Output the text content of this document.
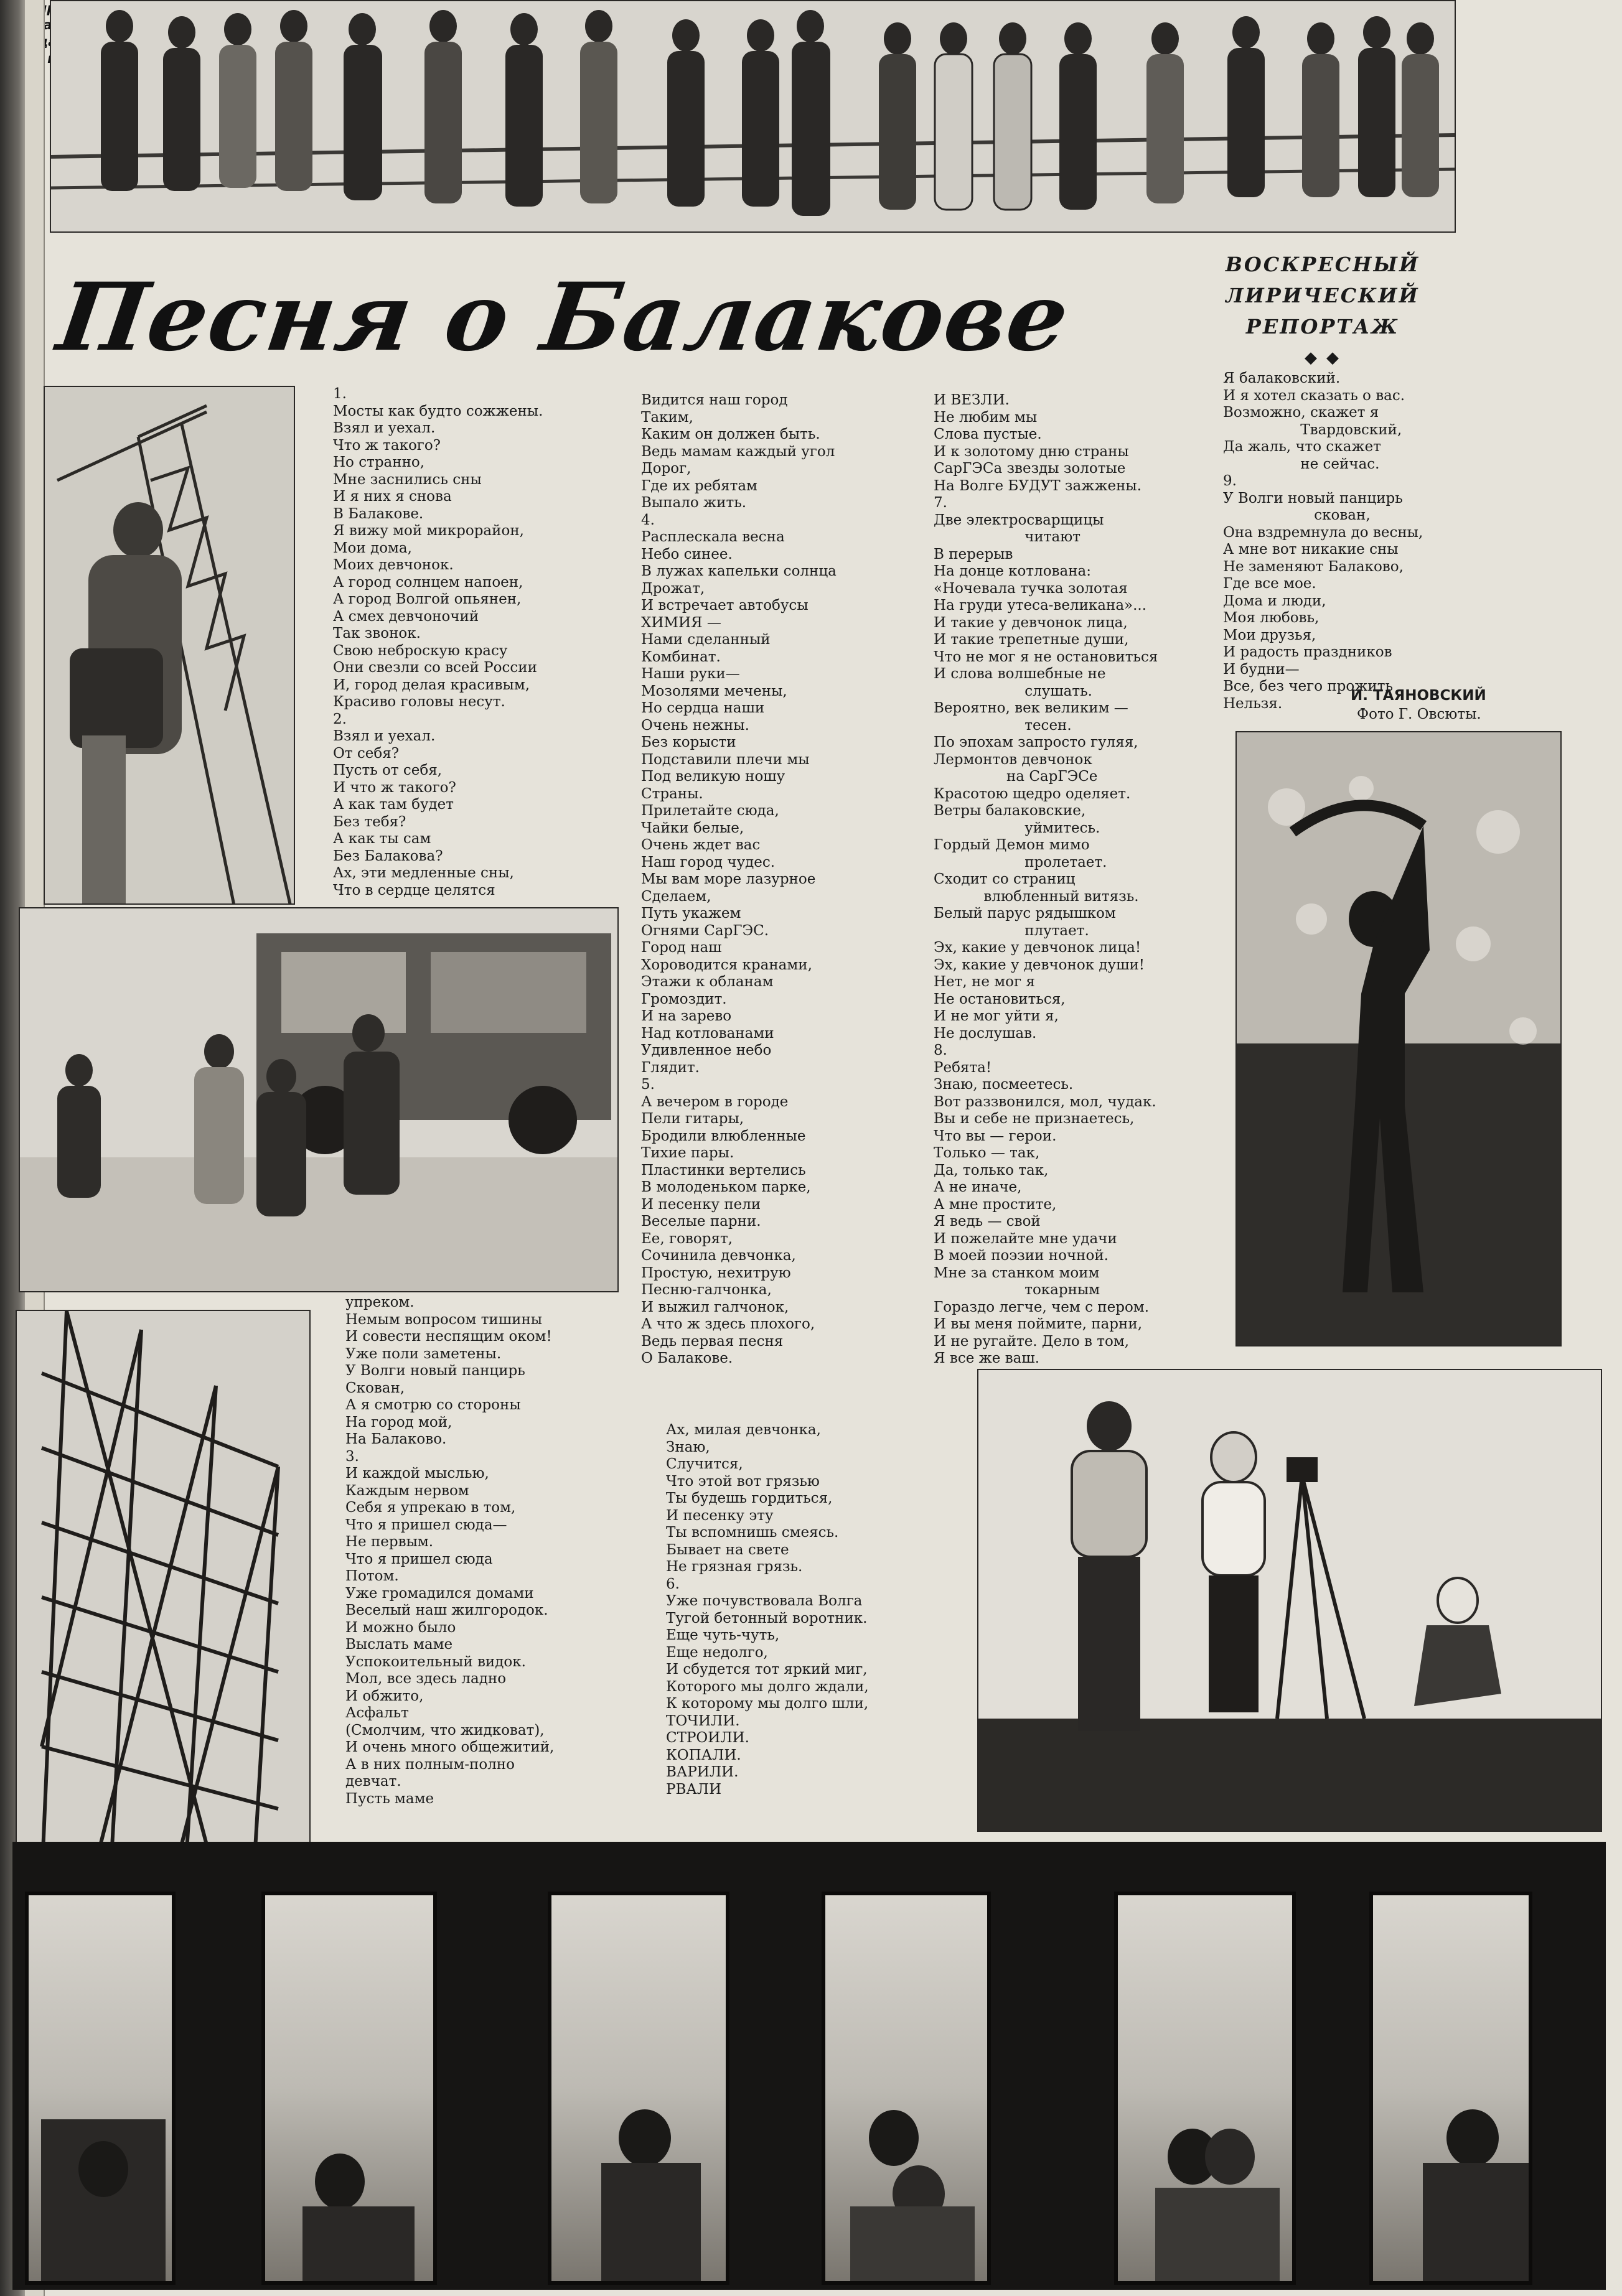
Песня о Балакове	ВОСКРЕСНЫЙ
ЛИРИЧЕСКИЙ
РЕПОРТАЖ
◆ ◆
1.
Мосты как будто сожжены.
Взял и уехал.
Что ж такого?
Но странно,
Мне заснились сны
И я них я снова
В Балакове.
Я вижу мой микрорайон,
Мои дома,
Моих девчонок.
А город солнцем напоен,
А город Волгой опьянен,
А смех девчоночий
Так звонок.
Свою неброскую красу
Они свезли со всей России
И, город делая красивым,
Красиво головы несут.
2.
Взял и уехал.
От себя?
Пусть от себя,
И что ж такого?
А как там будет
Без тебя?
А как ты сам
Без Балакова?
Ах, эти медленные сны,
Что в сердце целятся
упреком.
Немым вопросом тишины
И совести неспящим оком!
Уже поли заметены.
У Волги новый панцирь
Скован,
А я смотрю со стороны
На город мой,
На Балаково.
3.
И каждой мыслью,
Каждым нервом
Себя я упрекаю в том,
Что я пришел сюда—
Не первым.
Что я пришел сюда
Потом.
Уже громадился домами
Веселый наш жилгородок.
И можно было
Выслать маме
Успокоительный видок.
Мол, все здесь ладно
И обжито,
Асфальт
(Смолчим, что жидковат),
И очень много общежитий,
А в них полным-полно
девчат.
Пусть маме
Видится наш город
Таким,
Каким он должен быть.
Ведь мамам каждый угол
Дорог,
Где их ребятам
Выпало жить.
4.
Расплескала весна
Небо синее.
В лужах капельки солнца
Дрожат,
И встречает автобусы
ХИМИЯ —
Нами сделанный
Комбинат.
Наши руки—
Мозолями мечены,
Но сердца наши
Очень нежны.
Без корысти
Подставили плечи мы
Под великую ношу
Страны.
Прилетайте сюда,
Чайки белые,
Очень ждет вас
Наш город чудес.
Мы вам море лазурное
Сделаем,
Путь укажем
Огнями СарГЭС.
Город наш
Хороводится кранами,
Этажи к обланам
Громоздит.
И на зарево
Над котлованами
Удивленное небо
Глядит.
5.
А вечером в городе
Пели гитары,
Бродили влюбленные
Тихие пары.
Пластинки вертелись
В молоденьком парке,
И песенку пели
Веселые парни.
Ее, говорят,
Сочинила девчонка,
Простую, нехитрую
Песню-галчонка,
И выжил галчонок,
А что ж здесь плохого,
Ведь первая песня
О Балакове.
Ах, милая девчонка,
Знаю,
Случится,
Что этой вот грязью
Ты будешь гордиться,
И песенку эту
Ты вспомнишь смеясь.
Бывает на свете
Не грязная грязь.
6.
Уже почувствовала Волга
Тугой бетонный воротник.
Еще чуть-чуть,
Еще недолго,
И сбудется тот яркий миг,
Которого мы долго ждали,
К которому мы долго шли,
ТОЧИЛИ.
СТРОИЛИ.
КОПАЛИ.
ВАРИЛИ.
РВАЛИ
И ВЕЗЛИ.
Не любим мы
Слова пустые.
И к золотому дню страны
СарГЭСа звезды золотые
На Волге БУДУТ зажжены.
7.
Две электросварщицы
читают
В перерыв
На донце котлована:
«Ночевала тучка золотая
На груди утеса-великана»...
И такие у девчонок лица,
И такие трепетные души,
Что не мог я не остановиться
И слова волшебные не
слушать.
Вероятно, век великим —
тесен.
По эпохам запросто гуляя,
Лермонтов девчонок
на СарГЭСе
Красотою щедро оделяет.
Ветры балаковские,
уймитесь.
Гордый Демон мимо
пролетает.
Сходит со страниц
влюбленный витязь.
Белый парус рядышком
плутает.
Эх, какие у девчонок лица!
Эх, какие у девчонок души!
Нет, не мог я
Не остановиться,
И не мог уйти я,
Не дослушав.
8.
Ребята!
Знаю, посмеетесь.
Вот раззвонился, мол, чудак.
Вы и себе не признаетесь,
Что вы — герои.
Только — так,
Да, только так,
А не иначе,
А мне простите,
Я ведь — свой
И пожелайте мне удачи
В моей поэзии ночной.
Мне за станком моим
токарным
Гораздо легче, чем с пером.
И вы меня поймите, парни,
И не ругайте. Дело в том,
Я все же ваш.
Я балаковский.
И я хотел сказать о вас.
Возможно, скажет я
Твардовский,
Да жаль, что скажет
не сейчас.
9.
У Волги новый панцирь
скован,
Она вздремнула до весны,
А мне вот никакие сны
Не заменяют Балаково,
Где все мое.
Дома и люди,
Моя любовь,
Мои друзья,
И радость праздников
И будни—
Все, без чего прожить
Нельзя.	И. ТАЯНОВСКИЙ
Фото Г. Овсюты.
